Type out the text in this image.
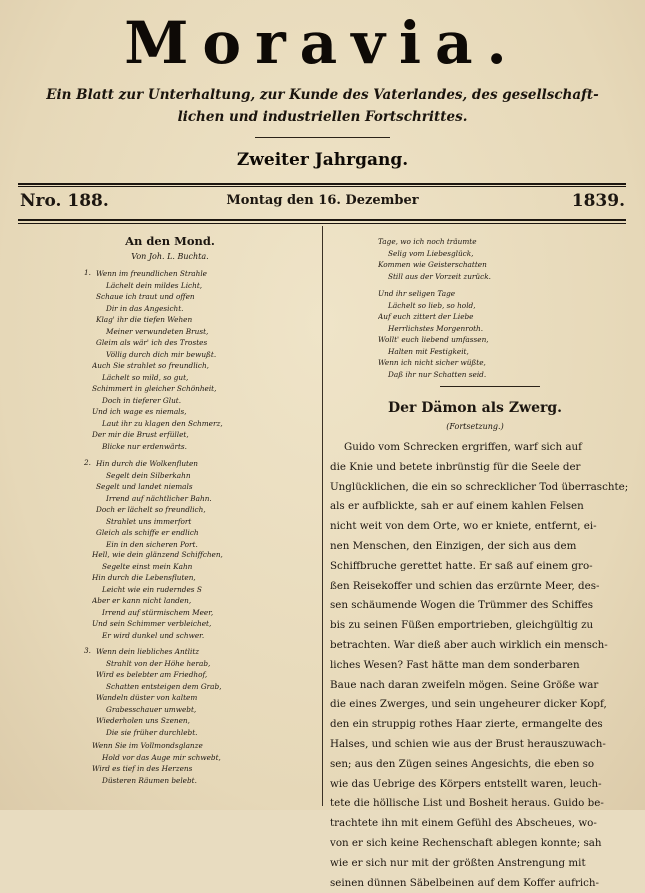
Moravia.
Ein Blatt zur Unterhaltung, zur Kunde des Vaterlandes, des gesellschaft-
lichen und industriellen Fortschrittes.
Zweiter Jahrgang.
Nro. 188.	Montag den 16. Dezember	1839.
An den Mond.
Von Joh. L. Buchta.
1. Wenn im freundlichen Strahle
Lächelt dein mildes Licht,
Schaue ich traut und offen
Dir in das Angesicht.
Klag' ihr die tiefen Wehen
Meiner verwundeten Brust,
Gleim als wär' ich des Trostes
Völlig durch dich mir bewußt.
Auch Sie strahlet so freundlich,
Lächelt so mild, so gut,
Schimmert in gleicher Schönheit,
Doch in tieferer Glut.
Und ich wage es niemals,
Laut ihr zu klagen den Schmerz,
Der mir die Brust erfüllet,
Blicke nur erdenwärts.
2. Hin durch die Wolkenfluten
Segelt dein Silberkahn
Segelt und landet niemals
Irrend auf nächtlicher Bahn.
Doch er lächelt so freundlich,
Strahlet uns immerfort
Gleich als schiffe er endlich
Ein in den sicheren Port.
Hell, wie dein glänzend Schiffchen,
Segelte einst mein Kahn
Hin durch die Lebensfluten,
Leicht wie ein ruderndes S
Aber er kann nicht landen,
Irrend auf stürmischem Meer,
Und sein Schimmer verbleichet,
Er wird dunkel und schwer.
3. Wenn dein liebliches Antlitz
Strahlt von der Höhe herab,
Wird es belebter am Friedhof,
Schatten entsteigen dem Grab,
Wandeln düster von kaltem
Grabesschauer umwebt,
Wiederholen uns Szenen,
Die sie früher durchlebt.
Wenn Sie im Vollmondsglanze
Hold vor das Auge mir schwebt,
Wird es tief in des Herzens
Düsteren Räumen belebt.
Tage, wo ich noch träumte
Selig vom Liebesglück,
Kommen wie Geisterschatten
Still aus der Vorzeit zurück.
Und ihr seligen Tage
Lächelt so lieb, so hold,
Auf euch zittert der Liebe
Herrlichstes Morgenroth.
Wollt' euch liebend umfassen,
Halten mit Festigkeit,
Wenn ich nicht sicher wüßte,
Daß ihr nur Schatten seid.
Der Dämon als Zwerg.
(Fortsetzung.)
Guido vom Schrecken ergriffen, warf sich auf
die Knie und betete inbrünstig für die Seele der
Unglücklichen, die ein so schrecklicher Tod überraschte;
als er aufblickte, sah er auf einem kahlen Felsen
nicht weit von dem Orte, wo er kniete, entfernt, ei-
nen Menschen, den Einzigen, der sich aus dem
Schiffbruche gerettet hatte. Er saß auf einem gro-
ßen Reisekoffer und schien das erzürnte Meer, des-
sen schäumende Wogen die Trümmer des Schiffes
bis zu seinen Füßen emportrieben, gleichgültig zu
betrachten. War dieß aber auch wirklich ein mensch-
liches Wesen? Fast hätte man dem sonderbaren
Baue nach daran zweifeln mögen. Seine Größe war
die eines Zwerges, und sein ungeheurer dicker Kopf,
den ein struppig rothes Haar zierte, ermangelte des
Halses, und schien wie aus der Brust herauszuwach-
sen; aus den Zügen seines Angesichts, die eben so
wie das Uebrige des Körpers entstellt waren, leuch-
tete die höllische List und Bosheit heraus. Guido be-
trachtete ihn mit einem Gefühl des Abscheues, wo-
von er sich keine Rechenschaft ablegen konnte; sah
wie er sich nur mit der größten Anstrengung mit
seinen dünnen Säbelbeinen auf dem Koffer aufrich-
